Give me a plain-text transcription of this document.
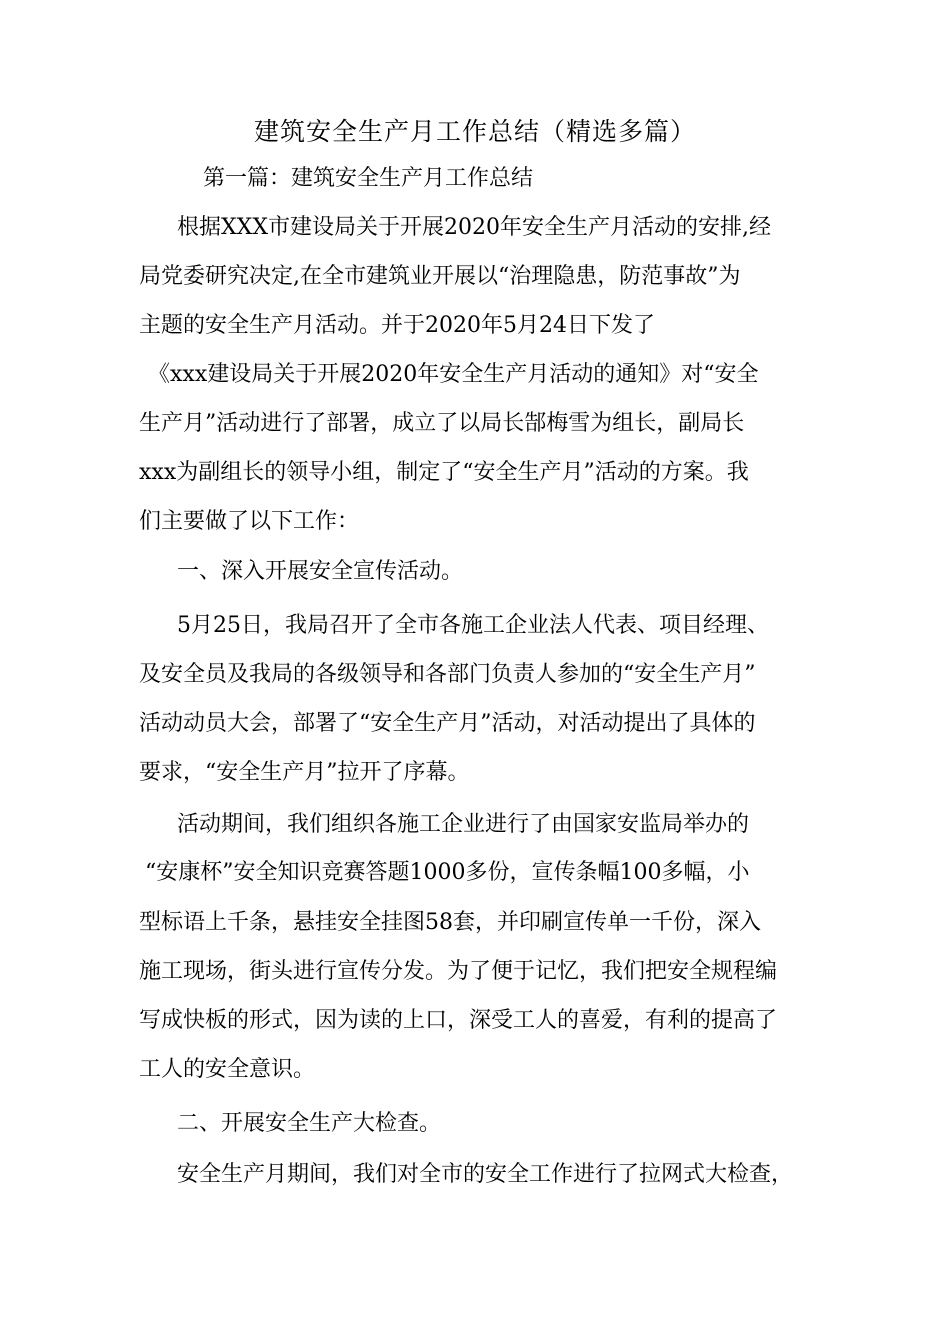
建筑安全生产月工作总结（精选多篇）
第一篇：建筑安全生产月工作总结
根据XXX市建设局关于开展2020年安全生产月活动的安排,经
局党委研究决定,在全市建筑业开展以“治理隐患，防范事故”为
主题的安全生产月活动。并于2020年5月24日下发了
《xxx建设局关于开展2020年安全生产月活动的通知》对“安全
生产月”活动进行了部署，成立了以局长郜梅雪为组长，副局长
xxx为副组长的领导小组，制定了“安全生产月”活动的方案。我
们主要做了以下工作：
一、深入开展安全宣传活动。
5月25日，我局召开了全市各施工企业法人代表、项目经理、
及安全员及我局的各级领导和各部门负责人参加的“安全生产月”
活动动员大会，部署了“安全生产月”活动，对活动提出了具体的
要求，“安全生产月”拉开了序幕。
活动期间，我们组织各施工企业进行了由国家安监局举办的
“安康杯”安全知识竞赛答题1000多份，宣传条幅100多幅，小
型标语上千条，悬挂安全挂图58套，并印刷宣传单一千份，深入
施工现场，街头进行宣传分发。为了便于记忆，我们把安全规程编
写成快板的形式，因为读的上口，深受工人的喜爱，有利的提高了
工人的安全意识。
二、开展安全生产大检查。
安全生产月期间，我们对全市的安全工作进行了拉网式大检查，
